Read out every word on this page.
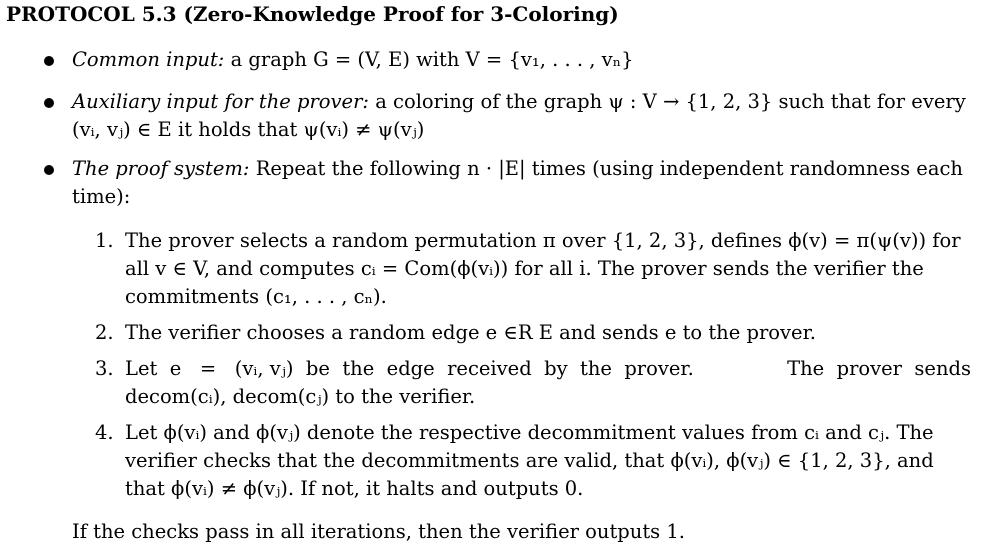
PROTOCOL 5.3 (Zero-Knowledge Proof for 3-Coloring)
Common input: a graph G = (V, E) with V = {v₁, . . . , vₙ}
Auxiliary input for the prover: a coloring of the graph ψ : V → {1, 2, 3} such that for every
(vᵢ, vⱼ) ∈ E it holds that ψ(vᵢ) ≠ ψ(vⱼ)
The proof system: Repeat the following n · |E| times (using independent randomness each
time):
1. The prover selects a random permutation π over {1, 2, 3}, defines ϕ(v) = π(ψ(v)) for
all v ∈ V, and computes cᵢ = Com(ϕ(vᵢ)) for all i. The prover sends the verifier the
commitments (c₁, . . . , cₙ).
2. The verifier chooses a random edge e ∈R E and sends e to the prover.
3. Let  e   =   (vᵢ, vⱼ)  be  the  edge  received  by  the  prover.	The  prover  sends
decom(cᵢ), decom(cⱼ) to the verifier.
4. Let ϕ(vᵢ) and ϕ(vⱼ) denote the respective decommitment values from cᵢ and cⱼ. The
verifier checks that the decommitments are valid, that ϕ(vᵢ), ϕ(vⱼ) ∈ {1, 2, 3}, and
that ϕ(vᵢ) ≠ ϕ(vⱼ). If not, it halts and outputs 0.
If the checks pass in all iterations, then the verifier outputs 1.
